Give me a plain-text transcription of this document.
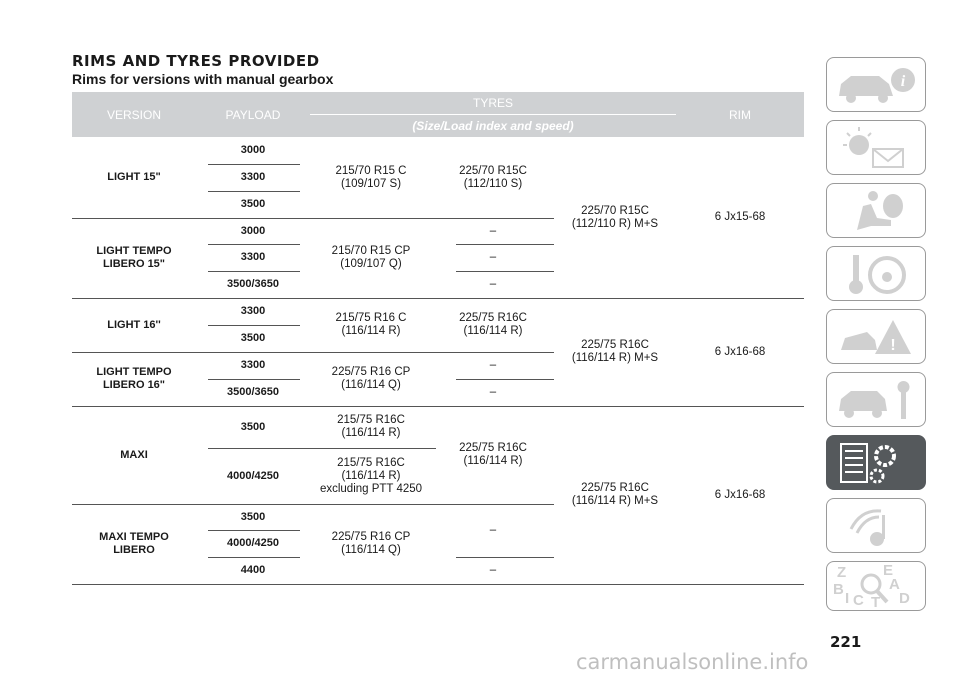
RIMS AND TYRES PROVIDED
Rims for versions with manual gearbox
VERSION	PAYLOAD
TYRES
(Size/Load index and speed)
RIM
LIGHT 15"
3000
3300
3500
215/70 R15 C
(109/107 S)
225/70 R15C
(112/110 S)
LIGHT TEMPO
LIBERO 15"
3000
3300
3500/3650
215/70 R15 CP
(109/107 Q)
–
–
–
225/70 R15C
(112/110 R) M+S
6 Jx15-68
LIGHT 16''
3300
3500
215/75 R16 C
(116/114 R)
225/75 R16C
(116/114 R)
LIGHT TEMPO
LIBERO 16"
3300
3500/3650
225/75 R16 CP
(116/114 Q)
–
–
225/75 R16C
(116/114 R) M+S
6 Jx16-68
MAXI
3500
4000/4250
215/75 R16C
(116/114 R)
215/75 R16C
(116/114 R)
excluding PTT 4250
225/75 R16C
(116/114 R)
MAXI TEMPO
LIBERO
3500
4000/4250
4400
225/75 R16 CP
(116/114 Q)
–
–
225/75 R16C
(116/114 R) M+S
6 Jx16-68
i
!
Z E
B	A
C T D
I
221
carmanualsonline.info
